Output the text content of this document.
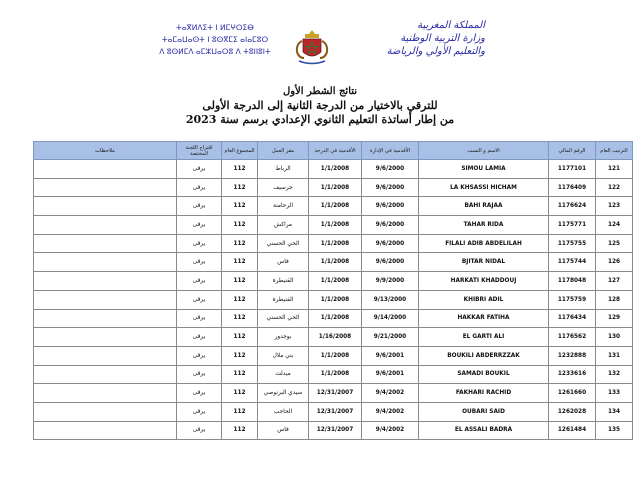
ⵜⴰⴳⵍⴷⵉⵜ ⵏ ⵍⵎⵖⵔⵉⴱ
ⵜⴰⵎⴰⵡⴰⵙⵜ ⵏ ⵓⵙⴳⵎⵉ ⴰⵏⴰⵎⵓⵔ
ⴷ ⵓⵙⵍⵎⴷ ⴰⵎⵣⵡⴰⵔⵓ ⴷ ⵜⵓⵏⵏⵓⵏⵜ
المملكة المغربية
وزارة التربية الوطنية
والتعليم الأولي والرياضة
نتائج الشطر الأول
للترقي بالاختيار من الدرجة الثانية إلى الدرجة الأولى
من إطار أساتذة التعليم الثانوي الإعدادي برسم سنة 2023
الترتيب العام	الرقم المالي	الاسم و النسب	الأقدمية في الإدارة	الأقدمية في الدرجة	مقر العمل	المجموع العام	اقتراح اللجنة المختصة	ملاحظات
121	1177101	SIMOU LAMIA	9/6/2000	1/1/2008	الرباط	112	يرقى	
122	1176409	LA KHSASSI HICHAM	9/6/2000	1/1/2008	جرسيف	112	يرقى	
123	1176624	BAHI RAJAA	9/6/2000	1/1/2008	الرحامنة	112	يرقى	
124	1175771	TAHAR RIDA	9/6/2000	1/1/2008	مراكش	112	يرقى	
125	1175755	FILALI ADIB ABDELILAH	9/6/2000	1/1/2008	الحي الحسني	112	يرقى	
126	1175744	BJITAR NIDAL	9/6/2000	1/1/2008	فاس	112	يرقى	
127	1178048	HARKATI KHADDOUJ	9/9/2000	1/1/2008	القنيطرة	112	يرقى	
128	1175759	KHIBRI ADIL	9/13/2000	1/1/2008	القنيطرة	112	يرقى	
129	1176434	HAKKAR FATIHA	9/14/2000	1/1/2008	الحي الحسني	112	يرقى	
130	1176562	EL GARTI ALI	9/21/2000	1/16/2008	بوجدور	112	يرقى	
131	1232888	BOUKILI ABDERRZZAK	9/6/2001	1/1/2008	بني ملال	112	يرقى	
132	1233616	SAMADI BOUKIL	9/6/2001	1/1/2008	ميدلت	112	يرقى	
133	1261660	FAKHARI RACHID	9/4/2002	12/31/2007	سيدي البرنوصي	112	يرقى	
134	1262028	OUBARI SAID	9/4/2002	12/31/2007	الحاجب	112	يرقى	
135	1261484	EL ASSALI BADRA	9/4/2002	12/31/2007	فاس	112	يرقى	
